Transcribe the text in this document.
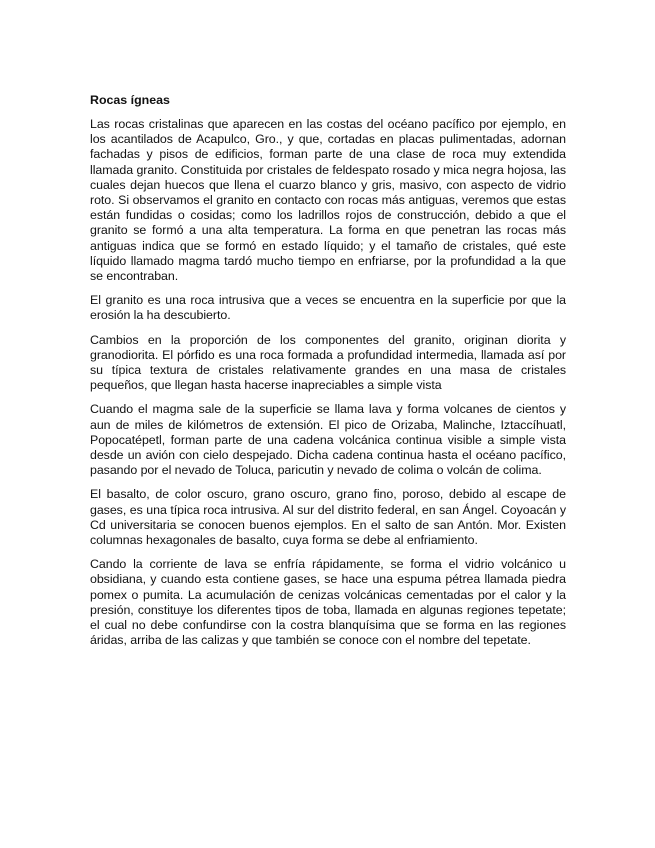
Rocas ígneas

Las rocas cristalinas que aparecen en las costas del océano pacífico por ejemplo, en los acantilados de Acapulco, Gro., y que, cortadas en placas pulimentadas, adornan fachadas y pisos de edificios, forman parte de una clase de roca muy extendida llamada granito. Constituida por cristales de feldespato rosado y mica negra hojosa, las cuales dejan huecos que llena el cuarzo blanco y gris, masivo, con aspecto de vidrio roto. Si observamos el granito en contacto con rocas más antiguas, veremos que estas están fundidas o cosidas; como los ladrillos rojos de construcción, debido a que el granito se formó a una alta temperatura. La forma en que penetran las rocas más antiguas indica que se formó en estado líquido; y el tamaño de cristales, qué este líquido llamado magma tardó mucho tiempo en enfriarse, por la profundidad a la que se encontraban.

El granito es una roca intrusiva que a veces se encuentra en la superficie por que la erosión la ha descubierto.

Cambios en la proporción de los componentes del granito, originan diorita y granodiorita. El pórfido es una roca formada a profundidad intermedia, llamada así por su típica textura de cristales relativamente grandes en una masa de cristales pequeños, que llegan hasta hacerse inapreciables a simple vista

Cuando el magma sale de la superficie se llama lava y forma volcanes de cientos y aun de miles de kilómetros de extensión. El pico de Orizaba, Malinche, Iztaccíhuatl, Popocatépetl, forman parte de una cadena volcánica continua visible a simple vista desde un avión con cielo despejado. Dicha cadena continua hasta el océano pacífico, pasando por el nevado de Toluca, paricutin y nevado de colima o volcán de colima.

El basalto, de color oscuro, grano oscuro, grano fino, poroso, debido al escape de gases, es una típica roca intrusiva. Al sur del distrito federal, en san Ángel. Coyoacán y Cd universitaria se conocen buenos ejemplos. En el salto de san Antón. Mor. Existen columnas hexagonales de basalto, cuya forma se debe al enfriamiento.

Cando la corriente de lava se enfría rápidamente, se forma el vidrio volcánico u obsidiana, y cuando esta contiene gases, se hace una espuma pétrea llamada piedra pomex o pumita. La acumulación de cenizas volcánicas cementadas por el calor y la presión, constituye los diferentes tipos de toba, llamada en algunas regiones tepetate; el cual no debe confundirse con la costra blanquísima que se forma en las regiones áridas, arriba de las calizas y que también se conoce con el nombre del tepetate.
